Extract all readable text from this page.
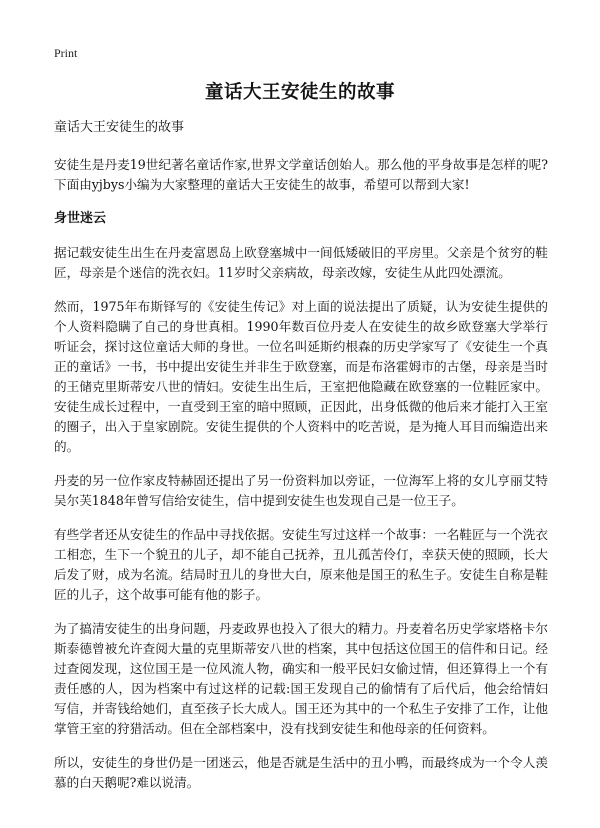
Print
童话大王安徒生的故事

童话大王安徒生的故事

安徒生是丹麦19世纪著名童话作家,世界文学童话创始人。那么他的平身故事是怎样的呢?下面由yjbys小编为大家整理的童话大王安徒生的故事，希望可以帮到大家!

身世迷云

据记载安徒生出生在丹麦富恩岛上欧登塞城中一间低矮破旧的平房里。父亲是个贫穷的鞋匠，母亲是个迷信的洗衣妇。11岁时父亲病故，母亲改嫁，安徒生从此四处漂流。

然而，1975年布斯铎写的《安徒生传记》对上面的说法提出了质疑，认为安徒生提供的个人资料隐瞒了自己的身世真相。1990年数百位丹麦人在安徒生的故乡欧登塞大学举行听证会，探讨这位童话大师的身世。一位名叫延斯约根森的历史学家写了《安徒生一个真正的童话》一书，书中提出安徒生并非生于欧登塞，而是布洛霍姆市的古堡，母亲是当时的王储克里斯蒂安八世的情妇。安徒生出生后，王室把他隐藏在欧登塞的一位鞋匠家中。安徒生成长过程中，一直受到王室的暗中照顾，正因此，出身低微的他后来才能打入王室的圈子，出入于皇家剧院。安徒生提供的个人资料中的吃苦说，是为掩人耳目而编造出来的。

丹麦的另一位作家皮特赫固还提出了另一份资料加以旁证，一位海军上将的女儿亨丽艾特吴尔芙1848年曾写信给安徒生，信中提到安徒生也发现自己是一位王子。

有些学者还从安徒生的作品中寻找依据。安徒生写过这样一个故事：一名鞋匠与一个洗衣工相恋，生下一个貌丑的儿子，却不能自己抚养，丑儿孤苦伶仃，幸获天使的照顾，长大后发了财，成为名流。结局时丑儿的身世大白，原来他是国王的私生子。安徒生自称是鞋匠的儿子，这个故事可能有他的影子。

为了搞清安徒生的出身问题，丹麦政界也投入了很大的精力。丹麦着名历史学家塔格卡尔斯泰德曾被允许查阅大量的克里斯蒂安八世的档案，其中包括这位国王的信件和日记。经过查阅发现，这位国王是一位风流人物，确实和一般平民妇女偷过情，但还算得上一个有责任感的人，因为档案中有过这样的记载:国王发现自己的偷情有了后代后，他会给情妇写信，并寄钱给她们，直至孩子长大成人。国王还为其中的一个私生子安排了工作，让他掌管王室的狩猎活动。但在全部档案中，没有找到安徒生和他母亲的任何资料。

所以，安徒生的身世仍是一团迷云，他是否就是生活中的丑小鸭，而最终成为一个令人羡慕的白天鹅呢?难以说清。
